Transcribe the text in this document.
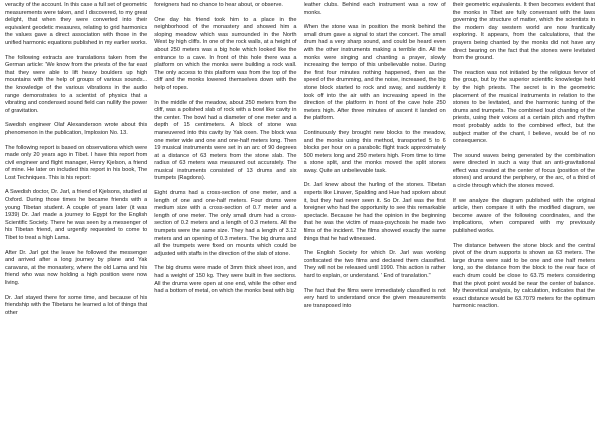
veracity of the account. In this case a full set of geometric measurements were taken, and I discovered, to my great delight, that when they were converted into their equivalent geodetic measures, relating to grid harmonics the values gave a direct association with those in the unified harmonic equations published in my earlier works.

The following extracts are translations taken from the German article: 'We know from the priests of the far east that they were able to lift heavy boulders up high mountains with the help of groups of various sounds... the knowledge of the various vibrations in the audio range demonstrates to a scientist of physics that a vibrating and condensed sound field can nullify the power of gravitation.

Swedish engineer Olaf Alexanderson wrote about this phenomenon in the publication, Implosion No. 13.

The following report is based on observations which were made only 20 years ago in Tibet. I have this report from civil engineer and flight manager, Henry Kjelson, a friend of mine. He later on included this report in his book, The Lost Techniques. This is his report:

A Swedish doctor, Dr. Jarl, a friend of Kjelsons, studied at Oxford. During those times he became friends with a young Tibetan student. A couple of years later (it was 1939) Dr. Jarl made a journey to Egypt for the English Scientific Society. There he was seen by a messenger of his Tibetan friend, and urgently requested to come to Tibet to treat a high Lama.

After Dr. Jarl got the leave he followed the messenger and arrived after a long journey by plane and Yak caravans, at the monastery, where the old Lama and his friend who was now holding a high position were now living.

Dr. Jarl stayed there for some time, and because of his friendship with the Tibetans he learned a lot of things that other

foreigners had no chance to hear about, or observe.

One day his friend took him to a place in the neighborhood of the monastery and showed him a sloping meadow which was surrounded in the North West by high cliffs. In one of the rock walls, at a height of about 250 meters was a big hole which looked like the entrance to a cave. In front of this hole there was a platform on which the monks were building a rock wall. The only access to this platform was from the top of the cliff and the monks lowered themselves down with the help of ropes.

In the middle of the meadow, about 250 meters from the cliff, was a polished slab of rock with a bowl like cavity in the center. The bowl had a diameter of one meter and a depth of 15 centimeters. A block of stone was maneuvered into this cavity by Yak oxen. The block was one meter wide and one and one-half meters long. Then 19 musical instruments were set in an arc of 90 degrees at a distance of 63 meters from the stone slab. The radius of 63 meters was measured out accurately. The musical instruments consisted of 13 drums and six trumpets (Ragdons).

Eight drums had a cross-section of one meter, and a length of one and one-half meters. Four drums were medium size with a cross-section of 0.7 meter and a length of one meter. The only small drum had a cross-section of 0.2 meters and a length of 0.3 meters. All the trumpets were the same size. They had a length of 3.12 meters and an opening of 0.3 meters. The big drums and all the trumpets were fixed on mounts which could be adjusted with staffs in the direction of the slab of stone.

The big drums were made of 3mm thick sheet iron, and had a weight of 150 kg. They were built in five sections. All the drums were open at one end, while the other end had a bottom of metal, on which the monks beat with big

leather clubs. Behind each instrument was a row of monks.

When the stone was in position the monk behind the small drum gave a signal to start the concert. The small drum had a very sharp sound, and could be heard even with the other instruments making a terrible din. All the monks were singing and chanting a prayer, slowly increasing the tempo of this unbelievable noise. During the first four minutes nothing happened, then as the speed of the drumming, and the noise, increased, the big stone block started to rock and sway, and suddenly it took off into the air with an increasing speed in the direction of the platform in front of the cave hole 250 meters high. After three minutes of ascent it landed on the platform.

Continuously they brought new blocks to the meadow, and the monks using this method, transported 5 to 6 blocks per hour on a parabolic flight track approximately 500 meters long and 250 meters high. From time to time a stone split, and the monks moved the split stones away. Quite an unbelievable task.

Dr. Jarl knew about the hurling of the stones. Tibetan experts like Linaver, Spalding and Hue had spoken about it, but they had never seen it. So Dr. Jarl was the first foreigner who had the opportunity to see this remarkable spectacle. Because he had the opinion in the beginning that he was the victim of mass-psychosis he made two films of the incident. The films showed exactly the same things that he had witnessed.

The English Society for which Dr. Jarl was working confiscated the two films and declared them classified. They will not be released until 1990. This action is rather hard to explain, or understand. ' End of translation."

The fact that the films were immediately classified is not very hard to understand once the given measurements are transposed into

their geometric equivalents. It then becomes evident that the monks in Tibet are fully conversant with the laws governing the structure of matter, which the scientists in the modern day western world are now frantically exploring. It appears, from the calculations, that the prayers being chanted by the monks did not have any direct bearing on the fact that the stones were levitated from the ground.

The reaction was not initiated by the religious fervor of the group, but by the superior scientific knowledge held by the high priests. The secret is in the geometric placement of the musical instruments in relation to the stones to be levitated, and the harmonic tuning of the drums and trumpets. The combined loud chanting of the priests, using their voices at a certain pitch and rhythm most probably adds to the combined effect, but the subject matter of the chant, I believe, would be of no consequence.

The sound waves being generated by the combination were directed in such a way that an anti-gravitational effect was created at the center of focus (position of the stones) and around the periphery, or the arc, of a third of a circle through which the stones moved.

If we analyze the diagram published with the original article, then compare it with the modified diagram, we become aware of the following coordinates, and the implications, when compared with my previously published works.

The distance between the stone block and the central pivot of the drum supports is shown as 63 meters. The large drums were said to be one and one half meters long, so the distance from the block to the rear face of each drum could be close to 63.75 meters considering that the pivot point would be near the center of balance. My theoretical analysis, by calculation, indicates that the exact distance would be 63.7079 meters for the optimum harmonic reaction.
